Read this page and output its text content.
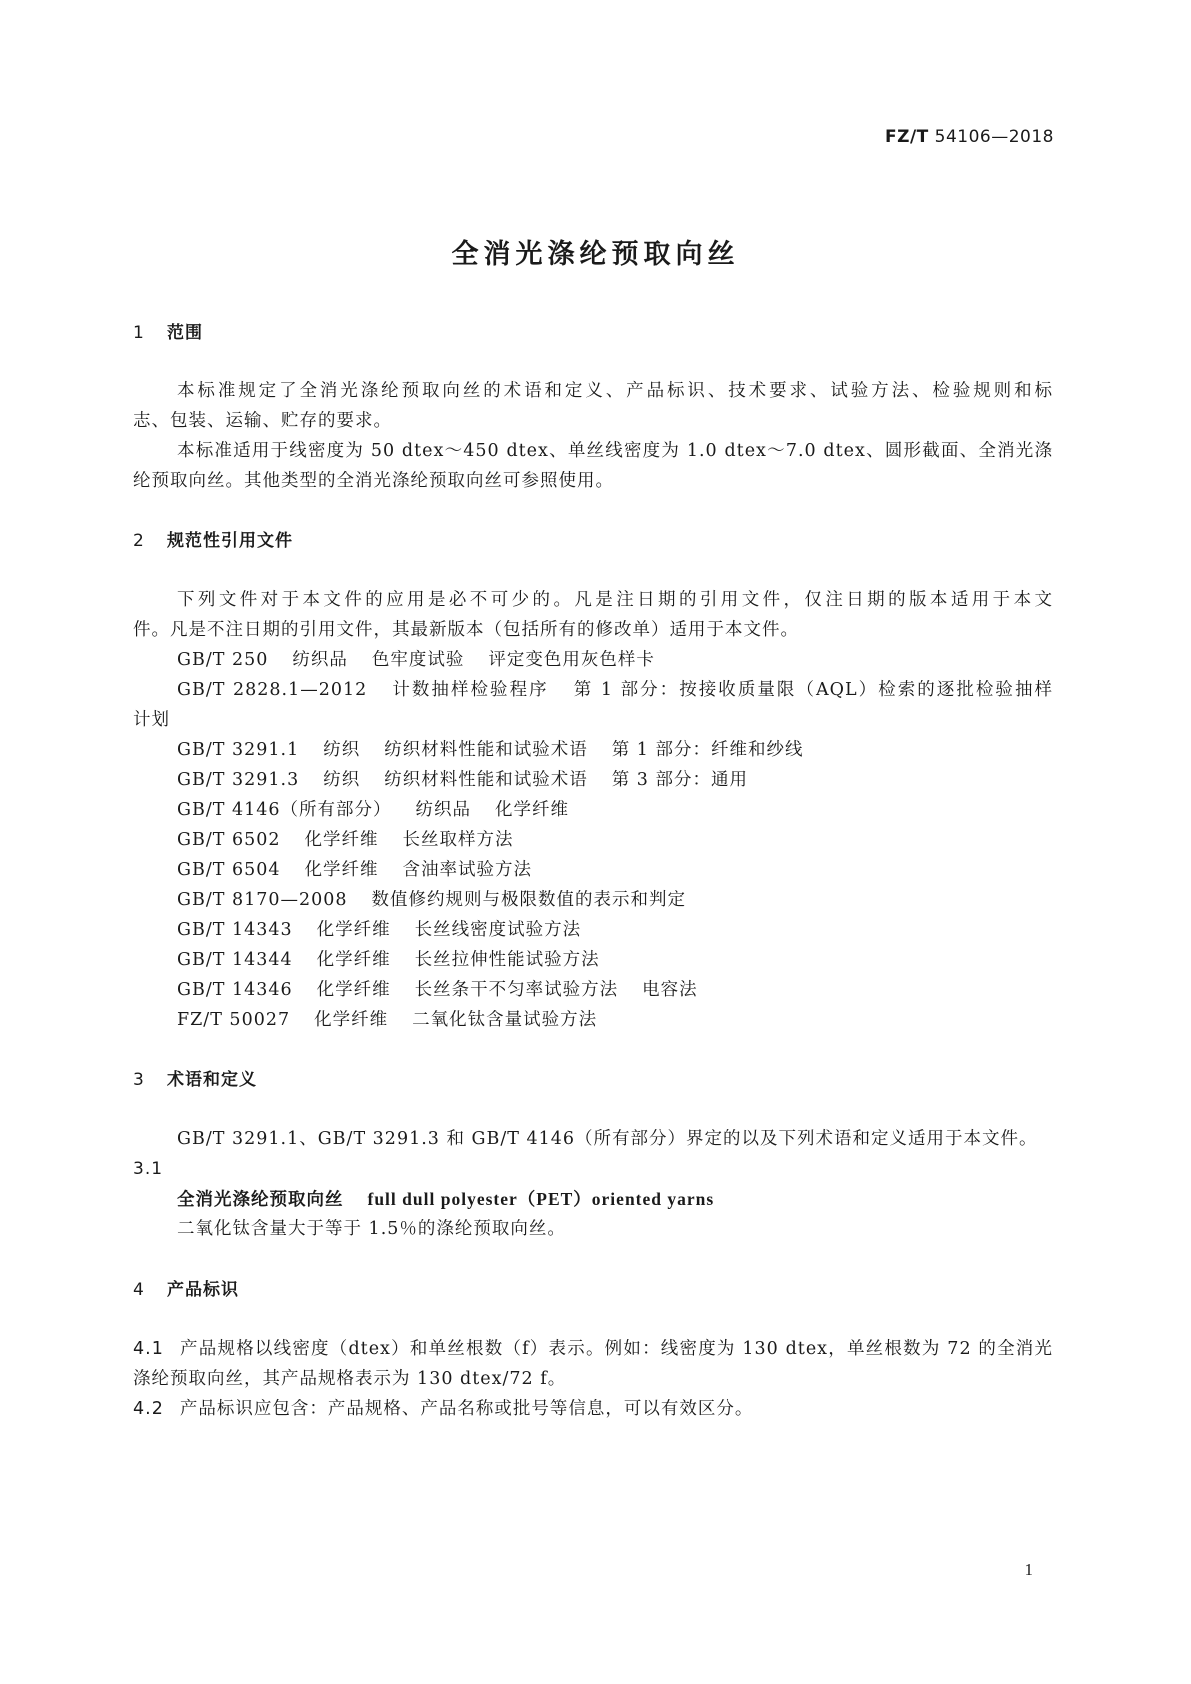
FZ/T 54106—2018
全消光涤纶预取向丝
1 范围
本标准规定了全消光涤纶预取向丝的术语和定义、产品标识、技术要求、试验方法、检验规则和标
志、包装、运输、贮存的要求。
本标准适用于线密度为 50 dtex～450 dtex、单丝线密度为 1.0 dtex～7.0 dtex、圆形截面、全消光涤
纶预取向丝。其他类型的全消光涤纶预取向丝可参照使用。
2 规范性引用文件
下列文件对于本文件的应用是必不可少的。凡是注日期的引用文件，仅注日期的版本适用于本文
件。凡是不注日期的引用文件，其最新版本（包括所有的修改单）适用于本文件。
GB/T 250 纺织品 色牢度试验 评定变色用灰色样卡
GB/T 2828.1—2012 计数抽样检验程序 第 1 部分：按接收质量限（AQL）检索的逐批检验抽样
计划
GB/T 3291.1 纺织 纺织材料性能和试验术语 第 1 部分：纤维和纱线
GB/T 3291.3 纺织 纺织材料性能和试验术语 第 3 部分：通用
GB/T 4146（所有部分） 纺织品 化学纤维
GB/T 6502 化学纤维 长丝取样方法
GB/T 6504 化学纤维 含油率试验方法
GB/T 8170—2008 数值修约规则与极限数值的表示和判定
GB/T 14343 化学纤维 长丝线密度试验方法
GB/T 14344 化学纤维 长丝拉伸性能试验方法
GB/T 14346 化学纤维 长丝条干不匀率试验方法 电容法
FZ/T 50027 化学纤维 二氧化钛含量试验方法
3 术语和定义
GB/T 3291.1、GB/T 3291.3 和 GB/T 4146（所有部分）界定的以及下列术语和定义适用于本文件。
3.1
全消光涤纶预取向丝 full dull polyester（PET）oriented yarns
二氧化钛含量大于等于 1.5％的涤纶预取向丝。
4 产品标识
4.1 产品规格以线密度（dtex）和单丝根数（f）表示。例如：线密度为 130 dtex，单丝根数为 72 的全消光
涤纶预取向丝，其产品规格表示为 130 dtex/72 f。
4.2 产品标识应包含：产品规格、产品名称或批号等信息，可以有效区分。
1
